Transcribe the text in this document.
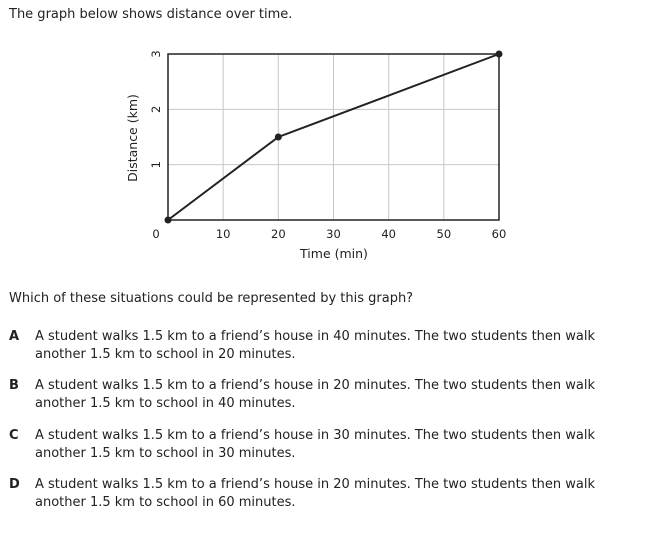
The graph below shows distance over time.
0	10	20	30	40	50	60
1
2
3
Time (min)
Distance (km)
Which of these situations could be represented by this graph?
A	A student walks 1.5 km to a friend’s house in 40 minutes. The two students then walk
another 1.5 km to school in 20 minutes.
B	A student walks 1.5 km to a friend’s house in 20 minutes. The two students then walk
another 1.5 km to school in 40 minutes.
C	A student walks 1.5 km to a friend’s house in 30 minutes. The two students then walk
another 1.5 km to school in 30 minutes.
D	A student walks 1.5 km to a friend’s house in 20 minutes. The two students then walk
another 1.5 km to school in 60 minutes.
